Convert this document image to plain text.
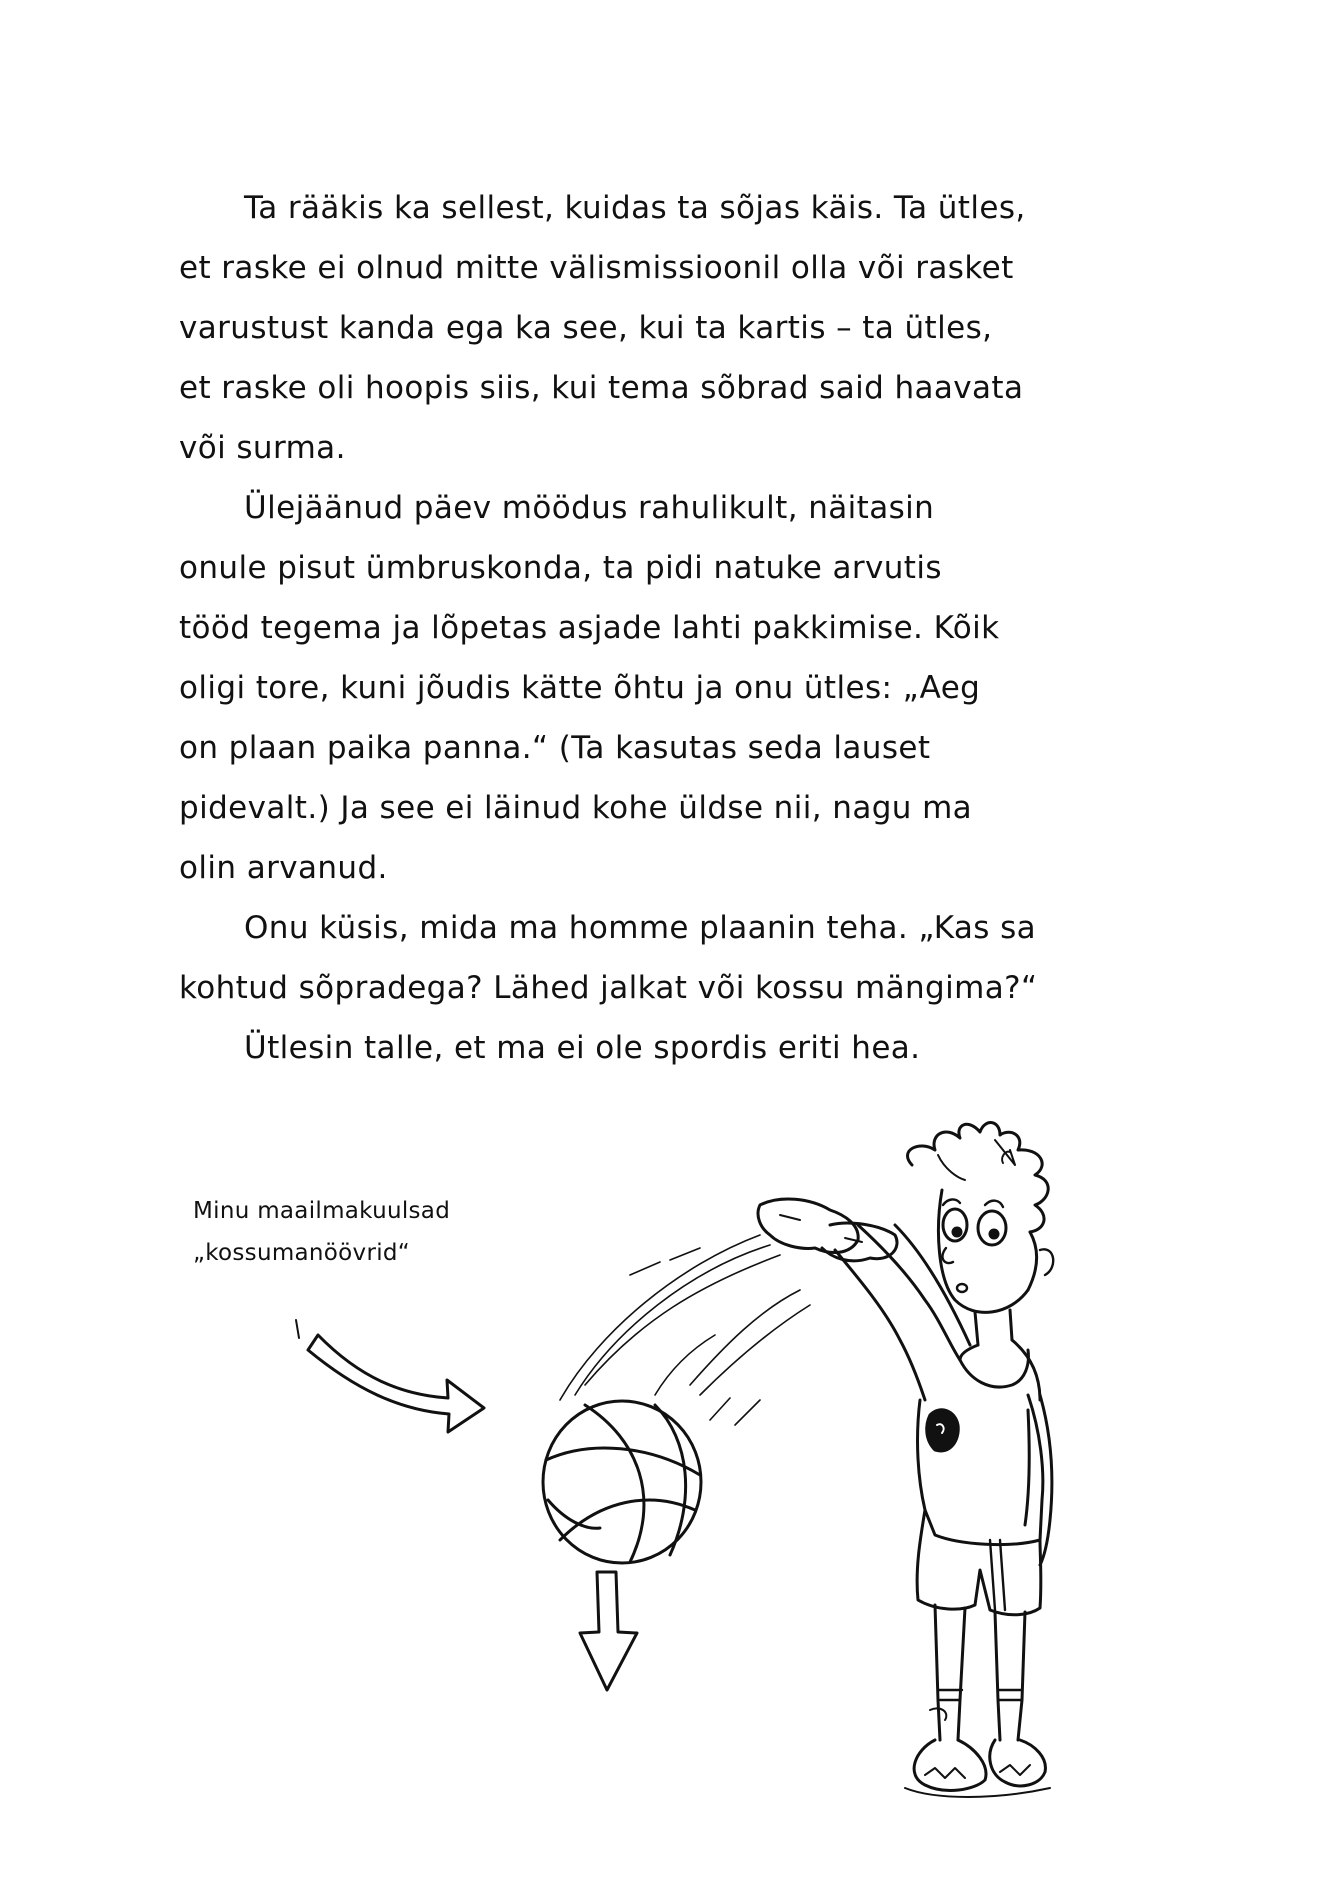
Ta rääkis ka sellest, kuidas ta sõjas käis. Ta ütles,
et raske ei olnud mitte välismissioonil olla või rasket
varustust kanda ega ka see, kui ta kartis – ta ütles,
et raske oli hoopis siis, kui tema sõbrad said haavata
või surma.
Ülejäänud päev möödus rahulikult, näitasin
onule pisut ümbruskonda, ta pidi natuke arvutis
tööd tegema ja lõpetas asjade lahti pakkimise. Kõik
oligi tore, kuni jõudis kätte õhtu ja onu ütles: „Aeg
on plaan paika panna.“ (Ta kasutas seda lauset
pidevalt.) Ja see ei läinud kohe üldse nii, nagu ma
olin arvanud.
Onu küsis, mida ma homme plaanin teha. „Kas sa
kohtud sõpradega? Lähed jalkat või kossu mängima?“
Ütlesin talle, et ma ei ole spordis eriti hea.
Minu maailmakuulsad
„kossumanöövrid“
